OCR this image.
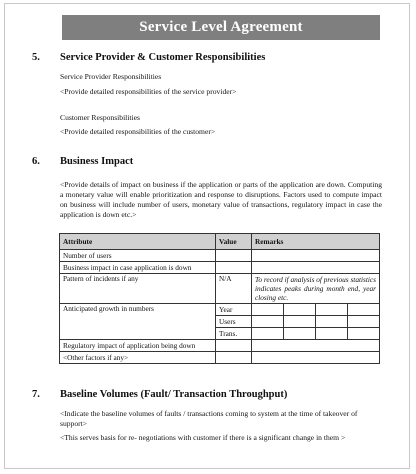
Service Level Agreement
5. Service Provider & Customer Responsibilities
Service Provider Responsibilities
<Provide detailed responsibilities of the service provider>
Customer Responsibilities
<Provide detailed responsibilities of the customer>
6. Business Impact
<Provide details of impact on business if the application or parts of the application are down. Computing a monetary value will enable prioritization and response to disruptions. Factors used to compute impact on business will include number of users, monetary value of transactions, regulatory impact in case the application is down etc.>
Attribute	Value	Remarks			
Number of users					
Business impact in case application is down					
Pattern of incidents if any	N/A	To record if analysis of previous statistics indicates peaks during month end, year closing etc.			
Anticipated growth in numbers	Year				
	Users				
	Trans.				
Regulatory impact of application being down					
<Other factors if any>					
7. Baseline Volumes (Fault/ Transaction Throughput)
<Indicate the baseline volumes of faults / transactions coming to system at the time of takeover of support>
<This serves basis for re- negotiations with customer if there is a significant change in them >
